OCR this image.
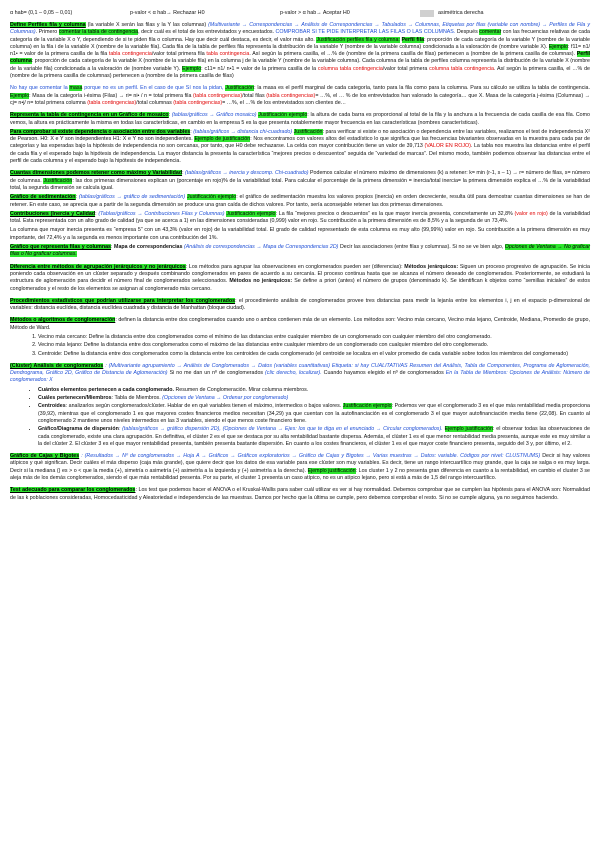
α hab= (0,1 – 0,05 – 0,01)	p-valor < α hab→ Rechazar H0	p-valor > α hab→ Aceptar H0	asimétrica derecha

Define Perfiles fila y columna (la variable X serán las filas y la Y las columnas) (Multivariante → Correspondencias → Análisis de Correspondencias → Tabulados → Columnas, Etiquetas por filas (variable con nombre) → Perfiles de Fila y Columnas). Primero comentar la tabla de contingencia, decir cuál es el total de los entrevistados y encuestados. COMPROBAR SI TE PIDE INTERPRETAR LAS FILAS O LAS COLUMNAS. Después comentar con las frecuencias relativas de cada categoría de la variable X o Y, dependiendo de si te piden fila o columna. Hay que decir cuál destaca, es decir, el valor más alto. Justificación perfiles fila y columna: Perfil fila: proporción de cada categoría de la variable Y (nombre de la variable columna) en la fila i de la variable X (nombre de la variable fila). Cada fila de la tabla de perfiles fila representa la distribución de la variable Y (nombre de la variable columna) condicionada a la valoración de (nombre variable X). Ejemplo: f11= n1/ n1• = valor de la primera casilla de la fila tabla contingencia/valor total primera fila tabla contingencia. Así según la primera casilla, el …% de (nombre de la primera casilla de filas) pertenecen a (nombre de la primera casilla de columnas). Perfil columna: proporción de cada categoría de la variable X (nombre de la variable fila) en la columna j de la variable Y (nombre de la variable columna). Cada columna de la tabla de perfiles columna representa la distribución de la variable X (nombre de la variable fila) condicionada a la valoración de (nombre variable Y). Ejemplo: c11= n1/ n•1 = valor de la primera casilla de la columna tabla contingencia/valor total primera columna tabla contingencia. Así según la primera casilla, el …% de (nombre de la primera casilla de columnas) pertenecen a (nombre de la primera casilla de filas)

No hay que comentar la masa porque no es un perfil. En el caso de que Sí nos la pidan, Justificación: la masa es el perfil marginal de cada categoría, tanto para la fila como para la columna. Para su cálculo se utiliza la tabla de contingencia. Ejemplo: Masa de la categoría i-ésima (Filas) → ri= ni• / n = total primera fila (tabla contingencias)/total filas (tabla contingencias)= …%, el … % de los entrevistados han valorado la categoría… que X. Masa de la categoría j-ésima (Columnas) → cj= n•j/ n= total primera columna (tabla contingencias)/total columnas (tabla contingencias)= …%, el …% de los entrevistados son clientes de…

Representa la tabla de contingencia en un Gráfico de mosaico: (tablas/gráficos → Gráfico mosaico) Justificación ejemplo: la altura de cada barra es proporcional al total de la fila y la anchura a la frecuencia de cada casilla de esa fila. Como vemos, la altura es prácticamente la misma en todas las características, en cambio en la empresa 5 es la que presenta notablemente mayor frecuencia en las características (nombres características).

Para comprobar si existe dependencia o asociación entre dos variables: (tablas/gráficos → distancia chi-cuadrado) Justificación: para verificar si existe o no asociación o dependencia entre las variables, realizamos el test de independencia X² de Pearson. H0: X e Y son independientes H1: X e Y no son independientes. Ejemplo de justificación: Nos encontramos con valores altos del estadístico lo que significa que las frecuencias bivariantes observadas en la muestra para cada par de categorías y las esperadas bajo la hipótesis de independencia no son cercanas, por tanto, que H0 debe rechazarse. La celda con mayor contribución tiene un valor de 39,713 (VALOR EN ROJO). La tabla nos muestra las distancias entre el perfil de cada fila y el esperado bajo la hipótesis de independencia. La mayor distancia la presenta la característica “mejores precios o descuentos” seguida de “variedad de marcas”. Del mismo modo, también podemos observar las distancias entre el perfil de cada columna y el esperado bajo la hipótesis de independencia.

Cuantas dimensiones podemos retener como máximo y Variabilidad: (tablas/gráficos → inercia y descomp. Chi-cuadrado) Podemos calcular el número máximo de dimensiones (k) a retener: k= min (r-1, s – 1) → r= número de filas, s= número de columnas. Justificación: las dos primeras dimensiones explican un (porcentaje en rojo)% de la variabilidad total. Para calcular el porcentaje de la primera dimensión = inercia/total inercia= la primera dimensión explica el …% de la variabilidad total, la segunda dimensión se calcula igual.

Gráfico de sedimentación: (tablas/gráficos → gráfico de sedimentación) Justificación ejemplo: el gráfico de sedimentación muestra los valores propios (inercia) en orden decreciente, resulta útil para demostrar cuantas dimensiones se han de retener. En este caso, se aprecia que a partir de la segunda dimensión se produce una gran caída de dichos valores. Por tanto, sería aconsejable retener las dos primeras dimensiones.

Contribuciones (Inercia y Calidad: (Tablas/gráficos → Contribuciones Filas y Columnas) Justificación ejemplo: La fila “mejores precios o descuentos” es la que mayor inercia presenta, concretamente un 32,8% (valor en rojo) de la variabilidad total. Esta representada con un alto grado de calidad (ya que se acerca a 1) en las dimensiones consideradas (0,999) valor en rojo. Su contribución a la primera dimensión es de 8,5% y a la segunda de un 73,4%.

La columna que mayor inercia presenta es “empresa 5” con un 43,3% (valor en rojo) de la variabilidad total. El grado de calidad representado de esta columna es muy alto (99,99%) valor en rojo. Su contribución a la primera dimensión es muy importante, del 72,4% y a la segunda es menos importante con una contribución del 1%.

Gráfico que representa filas y columnas: Mapa de correspondencias (Análisis de correspondencias → Mapa de Correspondencias 2D) Decir las asociaciones (entre filas y columnas). Si no se ve bien algo, Opciones de Ventana → No graficar filas o No graficar columnas.

Diferencia entre métodos de agrupación jerárquicos y no jerárquicos: Los métodos para agrupar las observaciones en conglomerados pueden ser (diferencias): Métodos jerárquicos: Siguen un proceso progresivo de agrupación. Se inicia poniendo cada observación en un clúster separado y después combinando conglomerados en pares de acuerdo a su cercanía. El proceso continua hasta que se alcanza el número deseado de conglomerados. Posteriormente, se estudiará la estructura de aglomeración para decidir el número final de conglomerados seleccionados. Métodos no jerárquicos: Se define a priori (antes) el número de grupos (denominado k). Se identifican k objetos como “semillas iniciales” de estos conglomerados y el resto de los elementos se asignan al conglomerado más cercano.

Procedimientos estadísticos que podrían utilizarse para interpretar los conglomerados: el procedimiento análisis de conglomerados provee tres distancias para medir la lejanía entre los elementos i, j en el espacio p-dimensional de variables: distancia euclídea, distancia euclídea cuadrada y distancia de Manhattan (bloque ciudad).

Métodos o algoritmos de conglomeración: definen la distancia entre dos conglomerados cuando uno o ambos contienen más de un elemento. Los métodos son: Vecino más cercano, Vecino más lejano, Centroide, Mediana, Promedio de grupo, Método de Ward.

1. Vecino más cercano: Define la distancia entre dos conglomerados como el mínimo de las distancias entre cualquier miembro de un conglomerado con cualquier miembro del otro conglomerado.
2. Vecino más lejano: Define la distancia entre dos conglomerados como el máximo de las distancias entre cualquier miembro de un conglomerado con cualquier miembro del otro conglomerado.
3. Centroide: Define la distancia entre dos conglomerados como la distancia entre los centroides de cada conglomerado (el centroide se localiza en el valor promedio de cada variable sobre todos los miembros del conglomerado)

(Clúster) Análisis de conglomerados : (Multivariante agrupamiento → Análisis de Conglomerados → Datos (variables cuantitativas) Etiqueta: si hay CUALITATIVAS Resumen del Análisis, Tabla de Componentes, Programa de Aglomeración, Dendrograma, Gráfico 2D, Gráfico de Distancia de Aglomeración) Si no me dan un nº de conglomerados (clic derecho, localizar). Cuando hayamos elegido el nº de conglomerados En la Tabla de Miembros: Opciones de Análisis: Número de conglomerados: X

• Cuántos elementos pertenecen a cada conglomerado. Resumen de Conglomeración. Mirar columna miembros.
• Cuáles pertenecen/Miembros: Tabla de Miembros. (Opciones de Ventana → Ordenar por conglomerado)
• Centroides: analizarlos según conglomerados/clúster. Hablar de en qué variables tienen el máximo, intermedios o bajos valores. Justificación ejemplo: Podemos ver que el conglomerado 3 es el que más rentabilidad media proporciona (39,92), mientras que el conglomerado 1 es que mayores costes financieros medios necesitan (34,29) ya que cuentan con la autofinanciación es el conglomerado 3 el que mayor autofinanciación media tiene (22,08). En cuanto al conglomerado 2 mantiene unos niveles intermedios en las 3 variables, siendo el que menos coste financiero tiene.
• Gráfico/Diagrama de dispersión: (tablas/gráficos → gráfico dispersión 2D), (Opciones de Ventana → Ejes: los que te diga en el enunciado → Circular conglomerados). Ejemplo justificación: el observar todas las observaciones de cada conglomerado, existe una clara agrupación. En definitiva, el clúster 2 es el que se destaca por su alta rentabilidad bastante dispersa. Además, el clúster 1 es el que menor rentabilidad media presenta, aunque este es muy similar a la del clúster 2. El clúster 3 es el que mayor rentabilidad presenta, también presenta bastante dispersión. En cuanto a los costes financieros, el clúster 1 es el que mayor coste financiero presenta, seguido del 3 y, por último, el 2.

Gráfico de Cajas y Bigotes : (Resultados → Nº de conglomerados → Hoja A → Gráficos → Gráficos exploratorios → Gráfico de Cajas y Bigotes → Varias muestras → Datos: variable. Códigos por nivel: CLUSTNUMS) Decir si hay valores atípicos y qué significan. Decir cuáles el más disperso (caja más grande), que quiere decir que los datos de esa variable para ese clúster son muy variables. Es decir, tiene un rango intercuartílico muy grande, que la caja se salga o es muy larga. Decir si la mediana () es > o < que la media (+), simetría o asimetría (+) asimetría a la izquierda y (+) asimetría a la derecha). Ejemplo justificación: Los cluster 1 y 2 no presenta gran diferencia en cuanto a la rentabilidad, en cambio el cluster 3 se aleja más de los demás conglomerados, siendo el que más rentabilidad presenta. Por su parte, el cluster 1 presenta un caso atípico, no es un atípico lejano, pero si está a más de 1,5 del rango intercuartílico.

Test adecuado para comparar los conglomerados: Los test que podemos hacer el ANOVA o el Kruskal-Wallis para saber cuál utilizar es ver si hay normalidad. Debemos comprobar que se cumplen las hipótesis para el ANOVA son: Normalidad de las k poblaciones consideradas, Homocedasticidad y Aleatoriedad e independencia de las muestras. Damos por hecho que la última se cumple, pero debemos comprobar el resto. Si no se cumple alguna, ya no seguimos haciendo.
